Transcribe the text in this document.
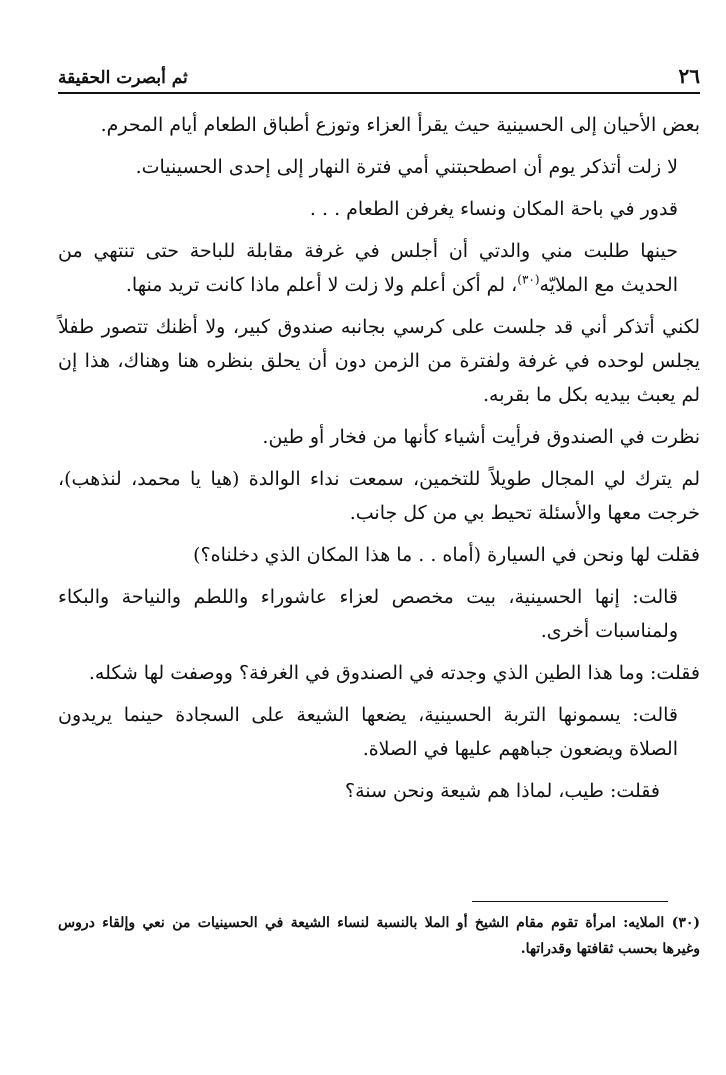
٢٦
ثم أبصرت الحقيقة

بعض الأحيان إلى الحسينية حيث يقرأ العزاء وتوزع أطباق الطعام أيام المحرم.

لا زلت أتذكر يوم أن اصطحبتني أمي فترة النهار إلى إحدى الحسينيات.

قدور في باحة المكان ونساء يغرفن الطعام . . .

حينها طلبت مني والدتي أن أجلس في غرفة مقابلة للباحة حتى تنتهي من الحديث مع الملايّه$^{(٣٠)}$، لم أكن أعلم ولا زلت لا أعلم ماذا كانت تريد منها.

لكني أتذكر أني قد جلست على كرسي بجانبه صندوق كبير، ولا أظنك تتصور طفلاً يجلس لوحده في غرفة ولفترة من الزمن دون أن يحلق بنظره هنا وهناك، هذا إن لم يعبث بيديه بكل ما بقربه.

نظرت في الصندوق فرأيت أشياء كأنها من فخار أو طين.

لم يترك لي المجال طويلاً للتخمين، سمعت نداء الوالدة (هيا يا محمد، لنذهب)، خرجت معها والأسئلة تحيط بي من كل جانب.

فقلت لها ونحن في السيارة (أماه . . ما هذا المكان الذي دخلناه؟)

قالت: إنها الحسينية، بيت مخصص لعزاء عاشوراء واللطم والنياحة والبكاء ولمناسبات أخرى.

فقلت: وما هذا الطين الذي وجدته في الصندوق في الغرفة؟ ووصفت لها شكله.

قالت: يسمونها التربة الحسينية، يضعها الشيعة على السجادة حينما يريدون الصلاة ويضعون جباههم عليها في الصلاة.

فقلت: طيب، لماذا هم شيعة ونحن سنة؟

(٣٠) الملايه: امرأة تقوم مقام الشيخ أو الملا بالنسبة لنساء الشيعة في الحسينيات من نعي وإلقاء دروس وغيرها بحسب ثقافتها وقدراتها.
